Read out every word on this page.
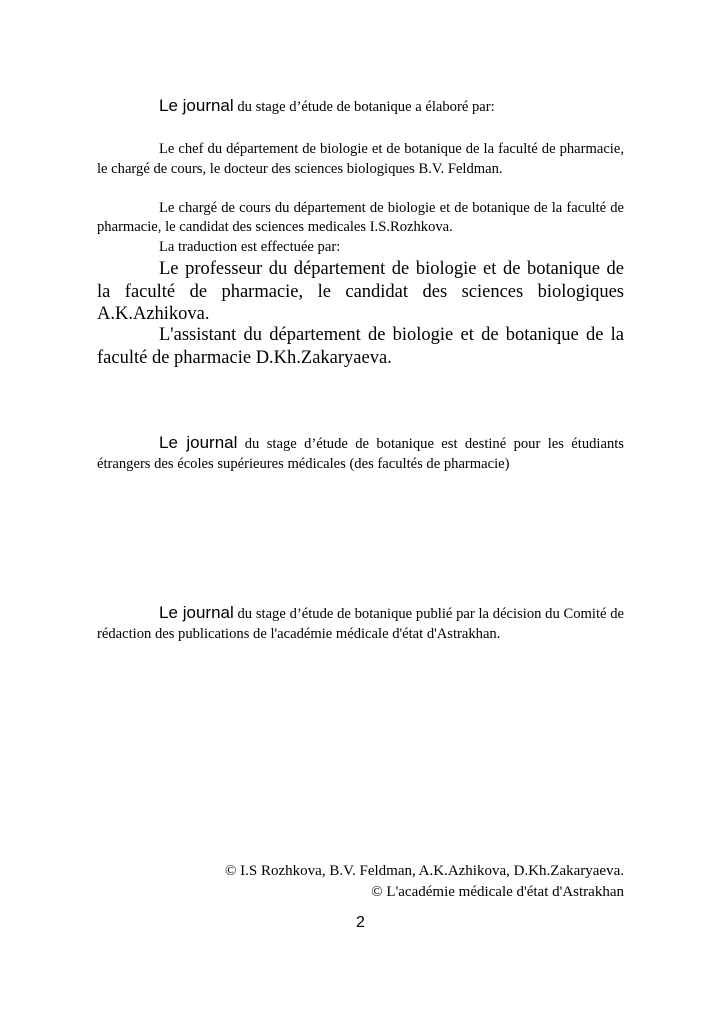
Le journal du stage d’étude de botanique a élaboré par:

Le chef du département de biologie et de botanique de la faculté de pharmacie, le chargé de cours, le docteur des sciences biologiques B.V. Feldman.

Le chargé de cours du département de biologie et de botanique de la faculté de pharmacie, le candidat des sciences medicales I.S.Rozhkova.

La traduction est effectuée par:

Le professeur du département de biologie et de botanique de la faculté de pharmacie, le candidat des sciences biologiques A.K.Azhikova.

L'assistant du département de biologie et de botanique de la faculté de pharmacie D.Kh.Zakaryaeva.

Le journal du stage d’étude de botanique est destiné pour les étudiants étrangers des écoles supérieures médicales (des facultés de pharmacie)

Le journal du stage d’étude de botanique publié par la décision du Comité de rédaction des publications de l'académie médicale d'état d'Astrakhan.

© I.S Rozhkova, B.V. Feldman, A.K.Azhikova, D.Kh.Zakaryaeva.

© L'académie médicale d'état d'Astrakhan

2
